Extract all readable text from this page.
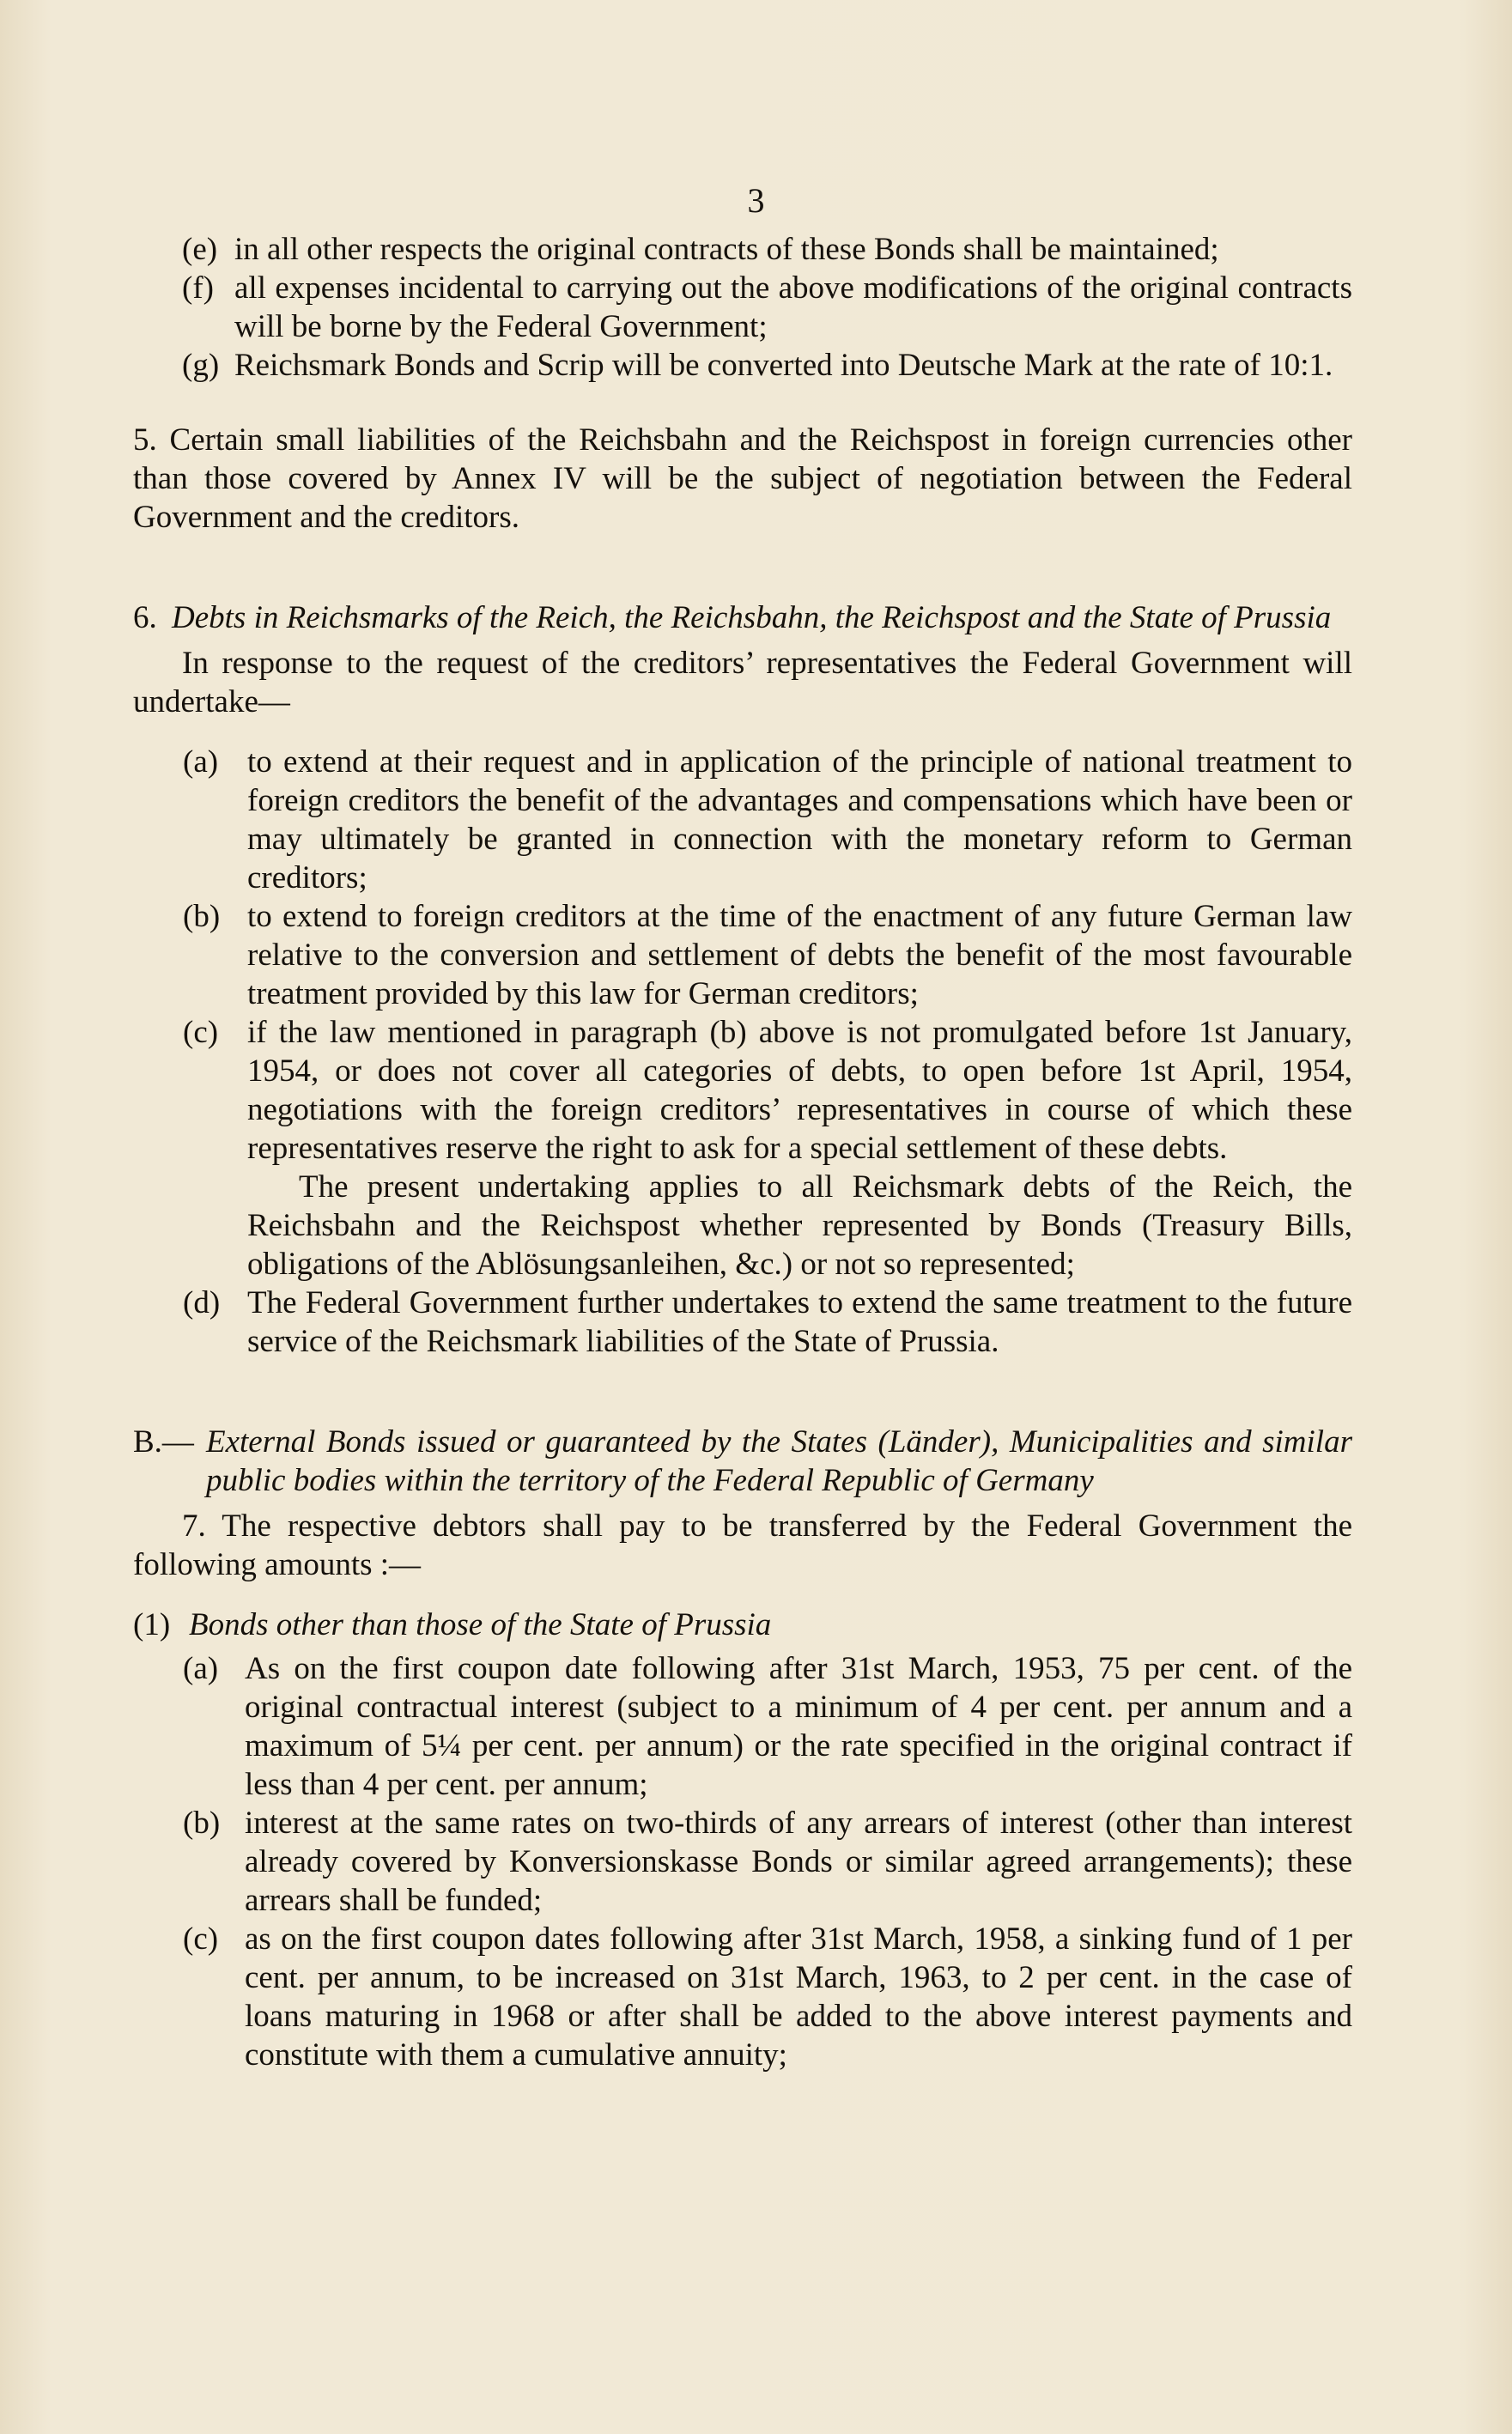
3

(e) in all other respects the original contracts of these Bonds shall be maintained;

(f) all expenses incidental to carrying out the above modifications of the original contracts will be borne by the Federal Government;

(g) Reichsmark Bonds and Scrip will be converted into Deutsche Mark at the rate of 10:1.

5. Certain small liabilities of the Reichsbahn and the Reichspost in foreign currencies other than those covered by Annex IV will be the subject of negotiation between the Federal Government and the creditors.

6. Debts in Reichsmarks of the Reich, the Reichsbahn, the Reichspost and the State of Prussia

In response to the request of the creditors’ representatives the Federal Government will undertake—

(a) to extend at their request and in application of the principle of national treatment to foreign creditors the benefit of the advantages and compensations which have been or may ultimately be granted in connection with the monetary reform to German creditors;

(b) to extend to foreign creditors at the time of the enactment of any future German law relative to the conversion and settlement of debts the benefit of the most favourable treatment provided by this law for German creditors;

(c) if the law mentioned in paragraph (b) above is not promulgated before 1st January, 1954, or does not cover all categories of debts, to open before 1st April, 1954, negotiations with the foreign creditors’ representatives in course of which these representatives reserve the right to ask for a special settlement of these debts.

The present undertaking applies to all Reichsmark debts of the Reich, the Reichsbahn and the Reichspost whether represented by Bonds (Treasury Bills, obligations of the Ablösungsanleihen, &c.) or not so represented;

(d) The Federal Government further undertakes to extend the same treatment to the future service of the Reichsmark liabilities of the State of Prussia.

B.— External Bonds issued or guaranteed by the States (Länder), Municipalities and similar public bodies within the territory of the Federal Republic of Germany

7. The respective debtors shall pay to be transferred by the Federal Government the following amounts :—

(1) Bonds other than those of the State of Prussia

(a) As on the first coupon date following after 31st March, 1953, 75 per cent. of the original contractual interest (subject to a minimum of 4 per cent. per annum and a maximum of 5¼ per cent. per annum) or the rate specified in the original contract if less than 4 per cent. per annum;

(b) interest at the same rates on two-thirds of any arrears of interest (other than interest already covered by Konversionskasse Bonds or similar agreed arrangements); these arrears shall be funded;

(c) as on the first coupon dates following after 31st March, 1958, a sinking fund of 1 per cent. per annum, to be increased on 31st March, 1963, to 2 per cent. in the case of loans maturing in 1968 or after shall be added to the above interest payments and constitute with them a cumulative annuity;
